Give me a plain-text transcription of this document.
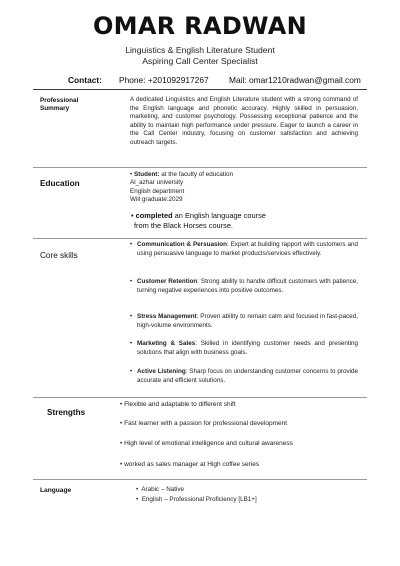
OMAR RADWAN
Linguistics & English Literature Student
Aspiring Call Center Specialist
Contact: Phone: +201092917267 Mail: omar1210radwan@gmail.com
Professional
Summary
A dedicated Linguistics and English Literature student with a strong command of the English language and phonetic accuracy. Highly skilled in persuasion, marketing, and customer psychology. Possessing exceptional patience and the ability to maintain high performance under pressure. Eager to launch a career in the Call Center industry, focusing on customer satisfaction and achieving outreach targets.
Education
• Student: at the faculty of education
Al_azhar university
English department
Will graduate:2029
• completed an English language course
from the Black Horses course.
Core skills
• Communication & Persuasion: Expert at building rapport with customers and using persuasive language to market products/services effectively.
• Customer Retention: Strong ability to handle difficult customers with patience, turning negative experiences into positive outcomes.
• Stress Management: Proven ability to remain calm and focused in fast-paced, high-volume environments.
• Marketing & Sales: Skilled in identifying customer needs and presenting solutions that align with business goals.
• Active Listening: Sharp focus on understanding customer concerns to provide accurate and efficient solutions.
Strengths
• Flexible and adaptable to different shift
• Fast learner with a passion for professional development
• High level of emotional intelligence and cultural awareness
• worked as sales manager at High coffee series
Language	•  Arabic – Native
•  English – Professional Proficiency [LB1+]
